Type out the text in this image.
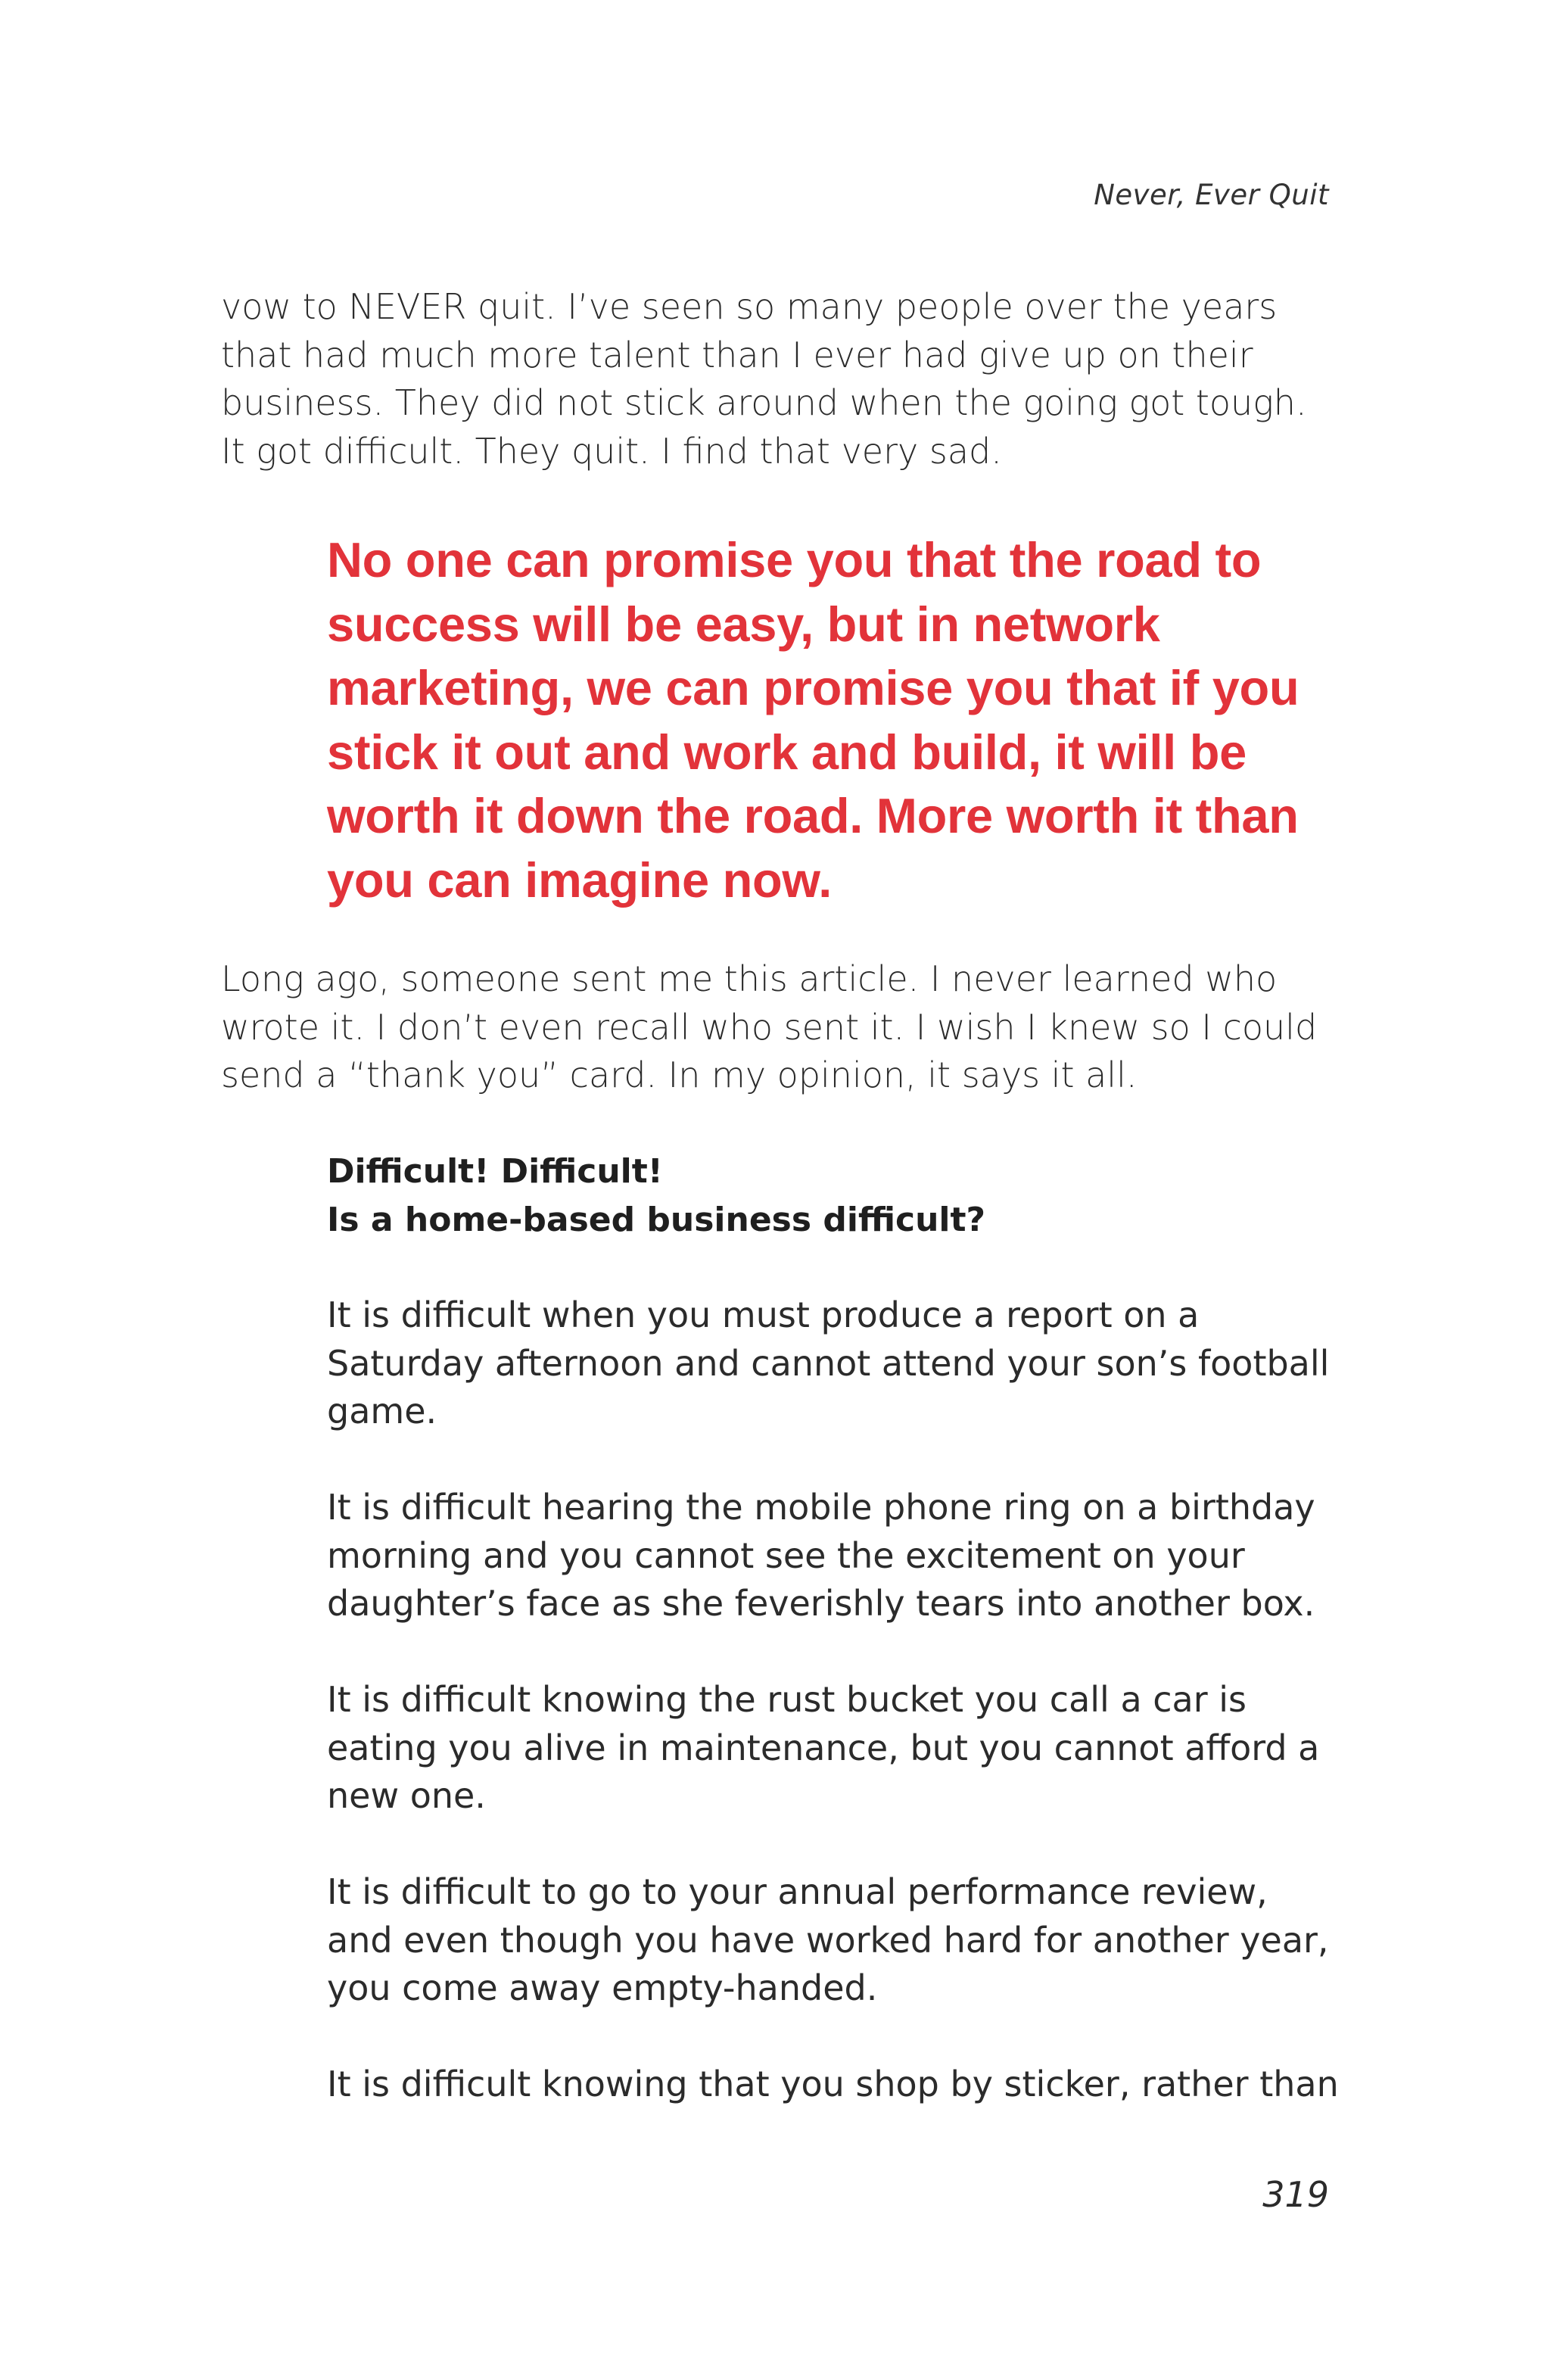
Never, Ever Quit

vow to NEVER quit. I’ve seen so many people over the years that had much more talent than I ever had give up on their business. They did not stick around when the going got tough. It got difficult. They quit. I find that very sad.

No one can promise you that the road to success will be easy, but in network marketing, we can promise you that if you stick it out and work and build, it will be worth it down the road. More worth it than you can imagine now.

Long ago, someone sent me this article. I never learned who wrote it. I don’t even recall who sent it. I wish I knew so I could send a “thank you” card. In my opinion, it says it all.

Difficult! Difficult!
Is a home-based business difficult?

It is difficult when you must produce a report on a Saturday afternoon and cannot attend your son’s football game.

It is difficult hearing the mobile phone ring on a birthday morning and you cannot see the excitement on your daughter’s face as she feverishly tears into another box.

It is difficult knowing the rust bucket you call a car is eating you alive in maintenance, but you cannot afford a new one.

It is difficult to go to your annual performance review, and even though you have worked hard for another year, you come away empty-handed.

It is difficult knowing that you shop by sticker, rather than

319
